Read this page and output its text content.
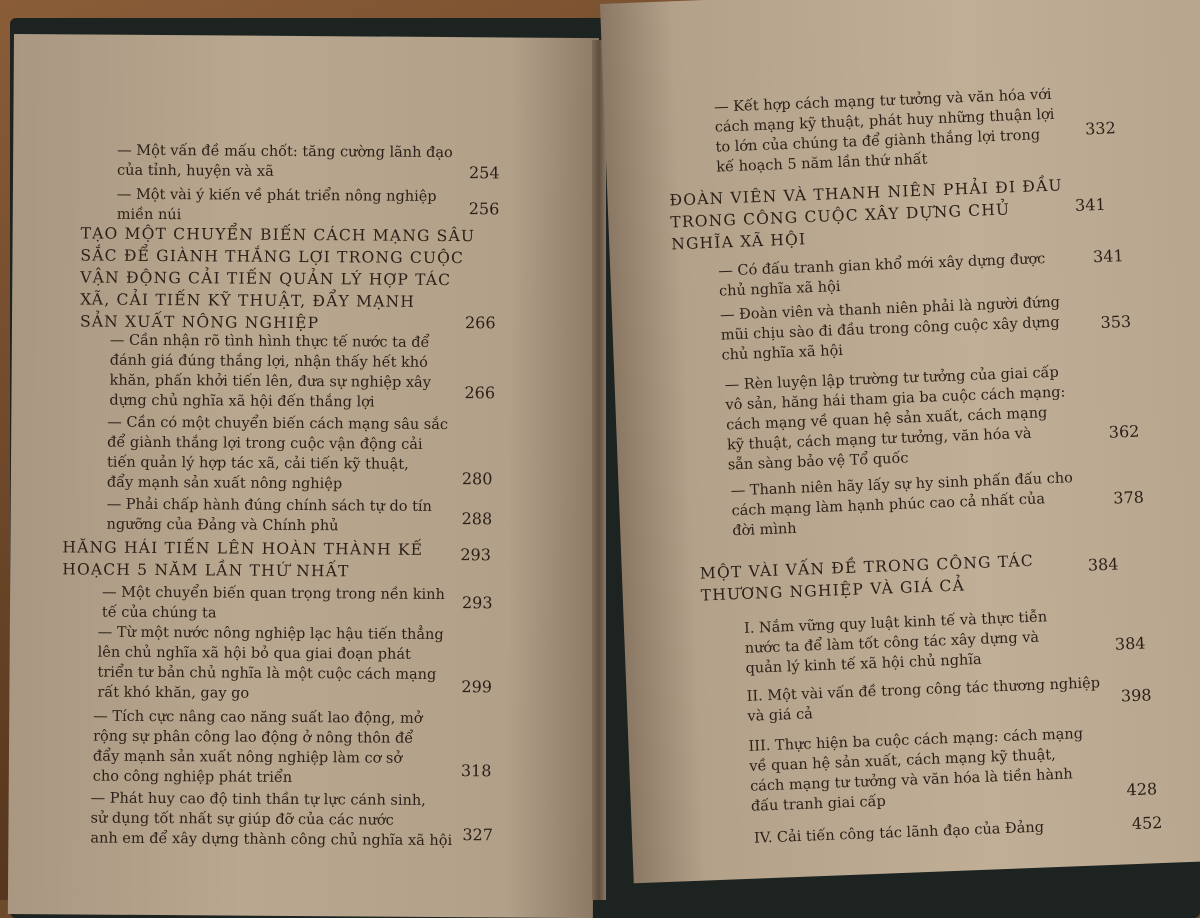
— Một vấn đề mấu chốt: tăng cường lãnh đạo
của tỉnh, huyện và xã	254
— Một vài ý kiến về phát triển nông nghiệp
miền núi	256
TẠO MỘT CHUYỂN BIẾN CÁCH MẠNG SÂU
SẮC ĐỂ GIÀNH THẮNG LỢI TRONG CUỘC
VẬN ĐỘNG CẢI TIẾN QUẢN LÝ HỢP TÁC
XÃ, CẢI TIẾN KỸ THUẬT, ĐẨY MẠNH
SẢN XUẤT NÔNG NGHIỆP	266
— Cần nhận rõ tình hình thực tế nước ta để
đánh giá đúng thắng lợi, nhận thấy hết khó
khăn, phấn khởi tiến lên, đưa sự nghiệp xây
dựng chủ nghĩa xã hội đến thắng lợi	266
— Cần có một chuyển biến cách mạng sâu sắc
để giành thắng lợi trong cuộc vận động cải
tiến quản lý hợp tác xã, cải tiến kỹ thuật,
đẩy mạnh sản xuất nông nghiệp	280
— Phải chấp hành đúng chính sách tự do tín
ngưỡng của Đảng và Chính phủ	288
HĂNG HÁI TIẾN LÊN HOÀN THÀNH KẾ
HOẠCH 5 NĂM LẦN THỨ NHẤT
293
— Một chuyển biến quan trọng trong nền kinh
tế của chúng ta
293
— Từ một nước nông nghiệp lạc hậu tiến thẳng
lên chủ nghĩa xã hội bỏ qua giai đoạn phát
triển tư bản chủ nghĩa là một cuộc cách mạng
rất khó khăn, gay go	299
— Tích cực nâng cao năng suất lao động, mở
rộng sự phân công lao động ở nông thôn để
đẩy mạnh sản xuất nông nghiệp làm cơ sở
cho công nghiệp phát triển	318
— Phát huy cao độ tinh thần tự lực cánh sinh,
sử dụng tốt nhất sự giúp đỡ của các nước
anh em để xây dựng thành công chủ nghĩa xã hội 327
— Kết hợp cách mạng tư tưởng và văn hóa với
cách mạng kỹ thuật, phát huy những thuận lợi
to lớn của chúng ta để giành thắng lợi trong
kế hoạch 5 năm lần thứ nhất
332
ĐOÀN VIÊN VÀ THANH NIÊN PHẢI ĐI ĐẦU
TRONG CÔNG CUỘC XÂY DỰNG CHỦ
NGHĨA XÃ HỘI
341
— Có đấu tranh gian khổ mới xây dựng được
chủ nghĩa xã hội
341
— Đoàn viên và thanh niên phải là người đứng
mũi chịu sào đi đầu trong công cuộc xây dựng
chủ nghĩa xã hội
353
— Rèn luyện lập trường tư tưởng của giai cấp
vô sản, hăng hái tham gia ba cuộc cách mạng:
cách mạng về quan hệ sản xuất, cách mạng
kỹ thuật, cách mạng tư tưởng, văn hóa và
sẵn sàng bảo vệ Tổ quốc
362
— Thanh niên hãy lấy sự hy sinh phấn đấu cho
cách mạng làm hạnh phúc cao cả nhất của
đời mình
378
MỘT VÀI VẤN ĐỀ TRONG CÔNG TÁC
THƯƠNG NGHIỆP VÀ GIÁ CẢ
384
I. Nắm vững quy luật kinh tế và thực tiễn
nước ta để làm tốt công tác xây dựng và
quản lý kinh tế xã hội chủ nghĩa
384
II. Một vài vấn đề trong công tác thương nghiệp
và giá cả
398
III. Thực hiện ba cuộc cách mạng: cách mạng
về quan hệ sản xuất, cách mạng kỹ thuật,
cách mạng tư tưởng và văn hóa là tiền hành
đấu tranh giai cấp
428
IV. Cải tiến công tác lãnh đạo của Đảng	452
